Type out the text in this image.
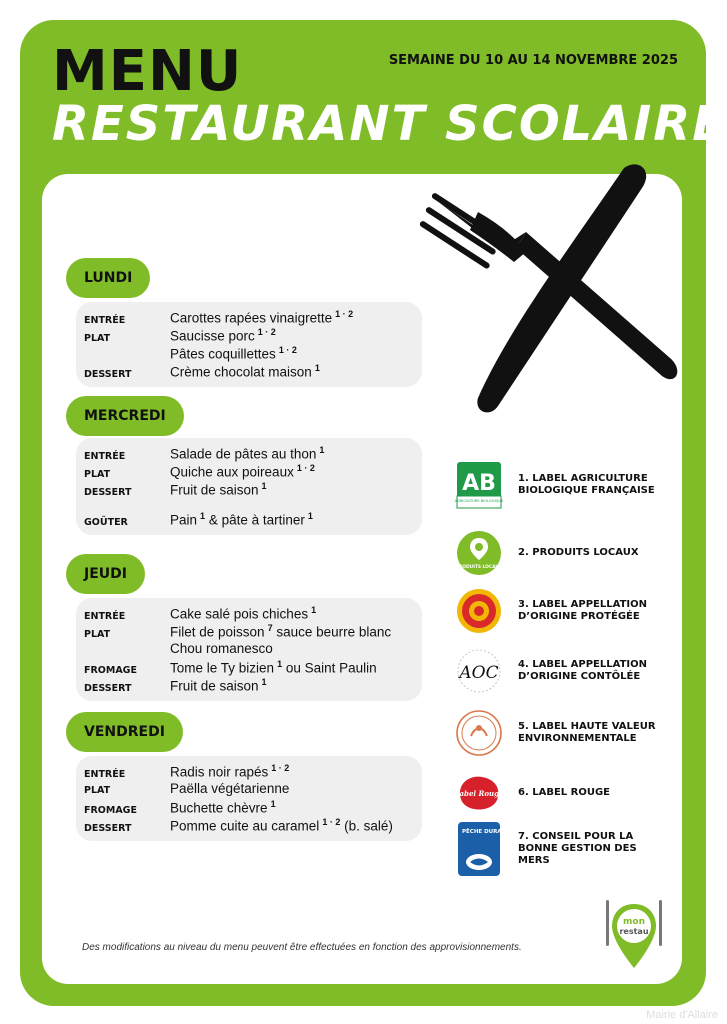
MENU
RESTAURANT SCOLAIRE
SEMAINE DU 10 AU 14 NOVEMBRE 2025
LUNDI
ENTRÉE	Carottes rapées vinaigrette $^{1 \cdot 2}$
PLAT	Saucisse porc $^{1 \cdot 2}$
Pâtes coquillettes $^{1 \cdot 2}$
DESSERT	Crème chocolat maison $^1$
MERCREDI
ENTRÉE	Salade de pâtes au thon $^1$
PLAT	Quiche aux poireaux $^{1 \cdot 2}$
DESSERT	Fruit de saison $^1$
GOÛTER	Pain $^1$ & pâte à tartiner $^1$
JEUDI
ENTRÉE	Cake salé pois chiches $^1$
PLAT	Filet de poisson $^7$ sauce beurre blanc
Chou romanesco
FROMAGE	Tome le Ty bizien $^1$ ou Saint Paulin
DESSERT	Fruit de saison $^1$
VENDREDI
ENTRÉE	Radis noir rapés $^{1 \cdot 2}$
PLAT	Paëlla végétarienne
FROMAGE	Buchette chèvre $^1$
DESSERT	Pomme cuite au caramel $^{1 \cdot 2}$ (b. salé)
AB
AGRICULTURE BIOLOGIQUE
1. LABEL AGRICULTURE BIOLOGIQUE FRANÇAISE
PRODUITS LOCAUX
2. PRODUITS LOCAUX
3. LABEL APPELLATION D’ORIGINE PROTÉGÉE
AOC 4. LABEL APPELLATION D’ORIGINE CONTÔLÉE
5. LABEL HAUTE VALEUR ENVIRONNEMENTALE
Label Rouge 6. LABEL ROUGE
PÊCHE DURABLE MSC
7. CONSEIL POUR LA BONNE GESTION DES MERS
Des modifications au niveau du menu peuvent être effectuées en fonction des approvisionnements.
mon
restau
Mairie d'Allaire
